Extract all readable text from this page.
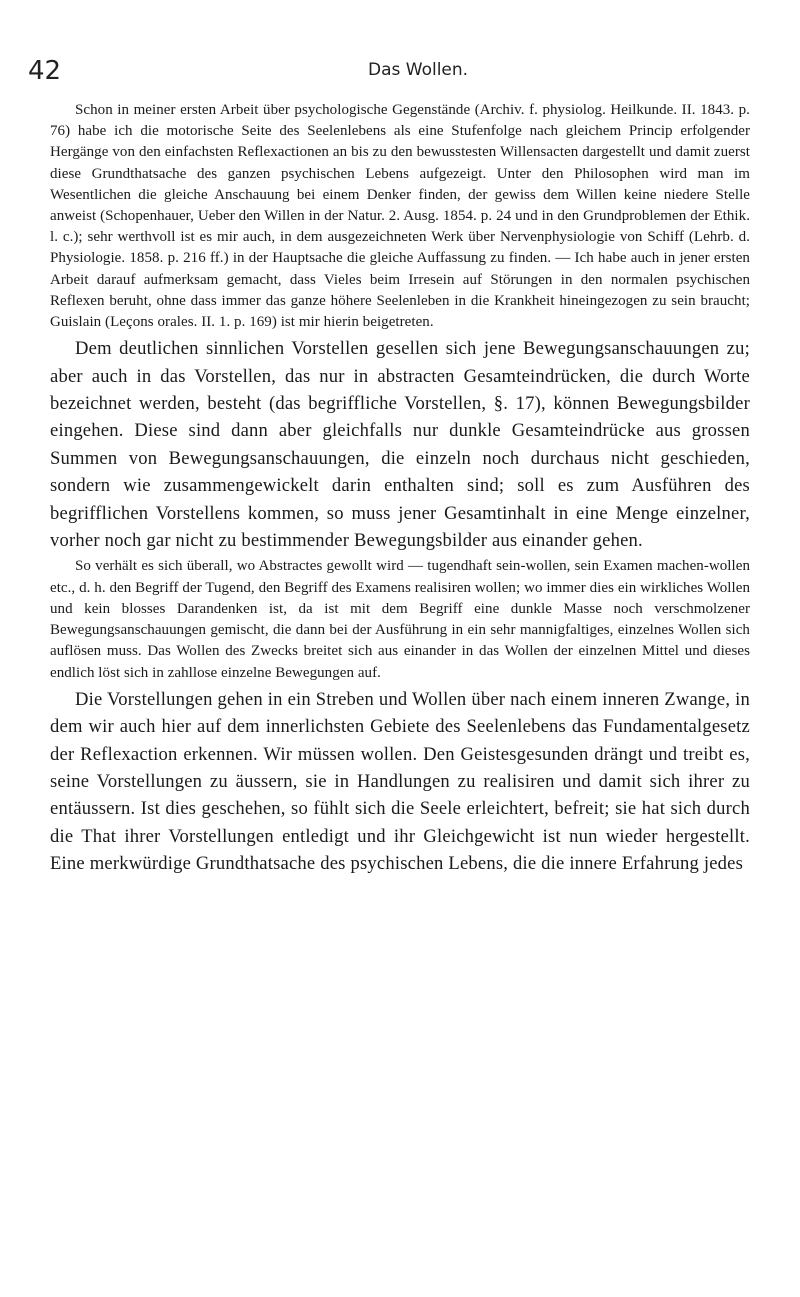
42	Das Wollen.

Schon in meiner ersten Arbeit über psychologische Gegenstände (Archiv. f. physiolog. Heilkunde. II. 1843. p. 76) habe ich die motorische Seite des Seelenlebens als eine Stufenfolge nach gleichem Princip erfolgender Hergänge von den einfachsten Reflexactionen an bis zu den bewusstesten Willensacten dargestellt und damit zuerst diese Grundthatsache des ganzen psychischen Lebens aufgezeigt. Unter den Philosophen wird man im Wesentlichen die gleiche Anschauung bei einem Denker finden, der gewiss dem Willen keine niedere Stelle anweist (Schopenhauer, Ueber den Willen in der Natur. 2. Ausg. 1854. p. 24 und in den Grundproblemen der Ethik. l. c.); sehr werthvoll ist es mir auch, in dem ausgezeichneten Werk über Nervenphysiologie von Schiff (Lehrb. d. Physiologie. 1858. p. 216 ff.) in der Hauptsache die gleiche Auffassung zu finden. — Ich habe auch in jener ersten Arbeit darauf aufmerksam gemacht, dass Vieles beim Irresein auf Störungen in den normalen psychischen Reflexen beruht, ohne dass immer das ganze höhere Seelenleben in die Krankheit hineingezogen zu sein braucht; Guislain (Leçons orales. II. 1. p. 169) ist mir hierin beigetreten.

Dem deutlichen sinnlichen Vorstellen gesellen sich jene Bewegungsanschauungen zu; aber auch in das Vorstellen, das nur in abstracten Gesamteindrücken, die durch Worte bezeichnet werden, besteht (das begriffliche Vorstellen, §. 17), können Bewegungsbilder eingehen. Diese sind dann aber gleichfalls nur dunkle Gesamteindrücke aus grossen Summen von Bewegungsanschauungen, die einzeln noch durchaus nicht geschieden, sondern wie zusammengewickelt darin enthalten sind; soll es zum Ausführen des begrifflichen Vorstellens kommen, so muss jener Gesamtinhalt in eine Menge einzelner, vorher noch gar nicht zu bestimmender Bewegungsbilder aus einander gehen.

So verhält es sich überall, wo Abstractes gewollt wird — tugendhaft sein-wollen, sein Examen machen-wollen etc., d. h. den Begriff der Tugend, den Begriff des Examens realisiren wollen; wo immer dies ein wirkliches Wollen und kein blosses Darandenken ist, da ist mit dem Begriff eine dunkle Masse noch verschmolzener Bewegungsanschauungen gemischt, die dann bei der Ausführung in ein sehr mannigfaltiges, einzelnes Wollen sich auflösen muss. Das Wollen des Zwecks breitet sich aus einander in das Wollen der einzelnen Mittel und dieses endlich löst sich in zahllose einzelne Bewegungen auf.

Die Vorstellungen gehen in ein Streben und Wollen über nach einem inneren Zwange, in dem wir auch hier auf dem innerlichsten Gebiete des Seelenlebens das Fundamentalgesetz der Reflexaction erkennen. Wir müssen wollen. Den Geistesgesunden drängt und treibt es, seine Vorstellungen zu äussern, sie in Handlungen zu realisiren und damit sich ihrer zu entäussern. Ist dies geschehen, so fühlt sich die Seele erleichtert, befreit; sie hat sich durch die That ihrer Vorstellungen entledigt und ihr Gleichgewicht ist nun wieder hergestellt. Eine merkwürdige Grundthatsache des psychischen Lebens, die die innere Erfahrung jedes
